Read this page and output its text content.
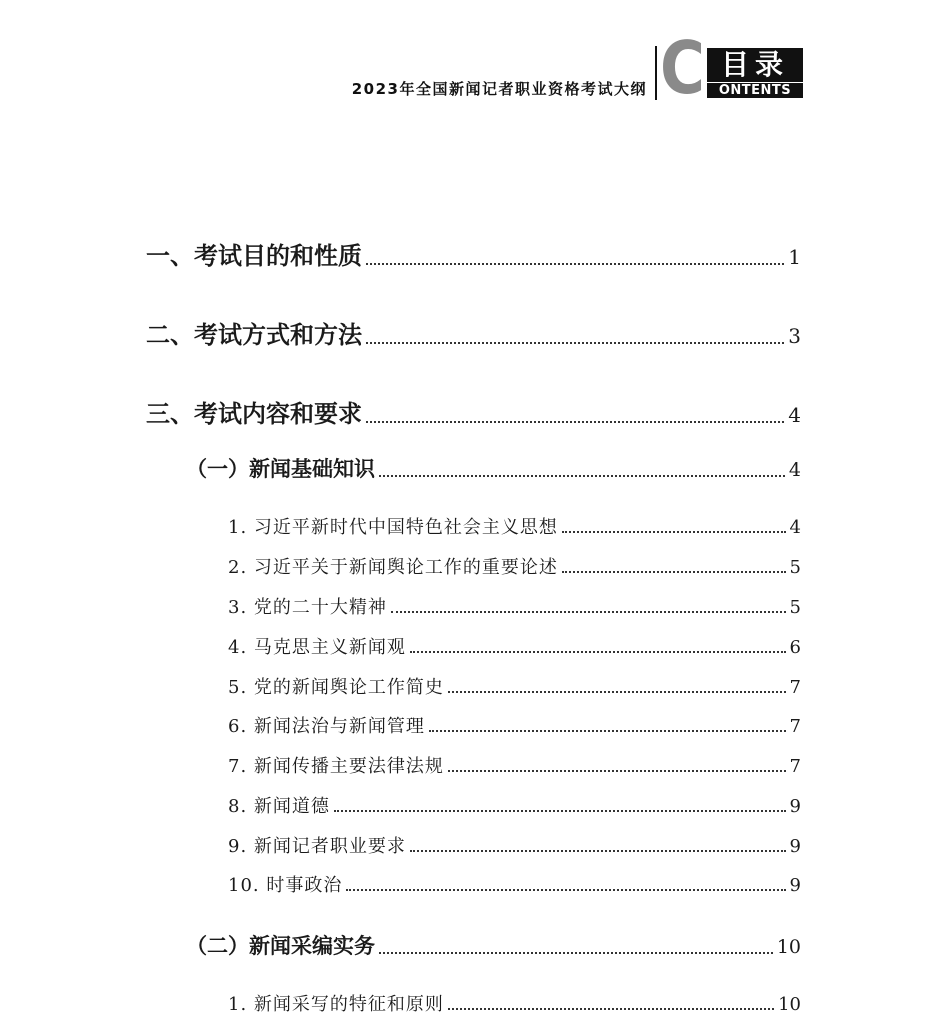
2023年全国新闻记者职业资格考试大纲 C 目录
ONTENTS
一、考试目的和性质	1
二、考试方式和方法	3
三、考试内容和要求	4
（一）新闻基础知识	4
1. 习近平新时代中国特色社会主义思想	4
2. 习近平关于新闻舆论工作的重要论述	5
3. 党的二十大精神	5
4. 马克思主义新闻观	6
5. 党的新闻舆论工作简史	7
6. 新闻法治与新闻管理	7
7. 新闻传播主要法律法规	7
8. 新闻道德	9
9. 新闻记者职业要求	9
10. 时事政治	9
（二）新闻采编实务	10
1. 新闻采写的特征和原则	10
